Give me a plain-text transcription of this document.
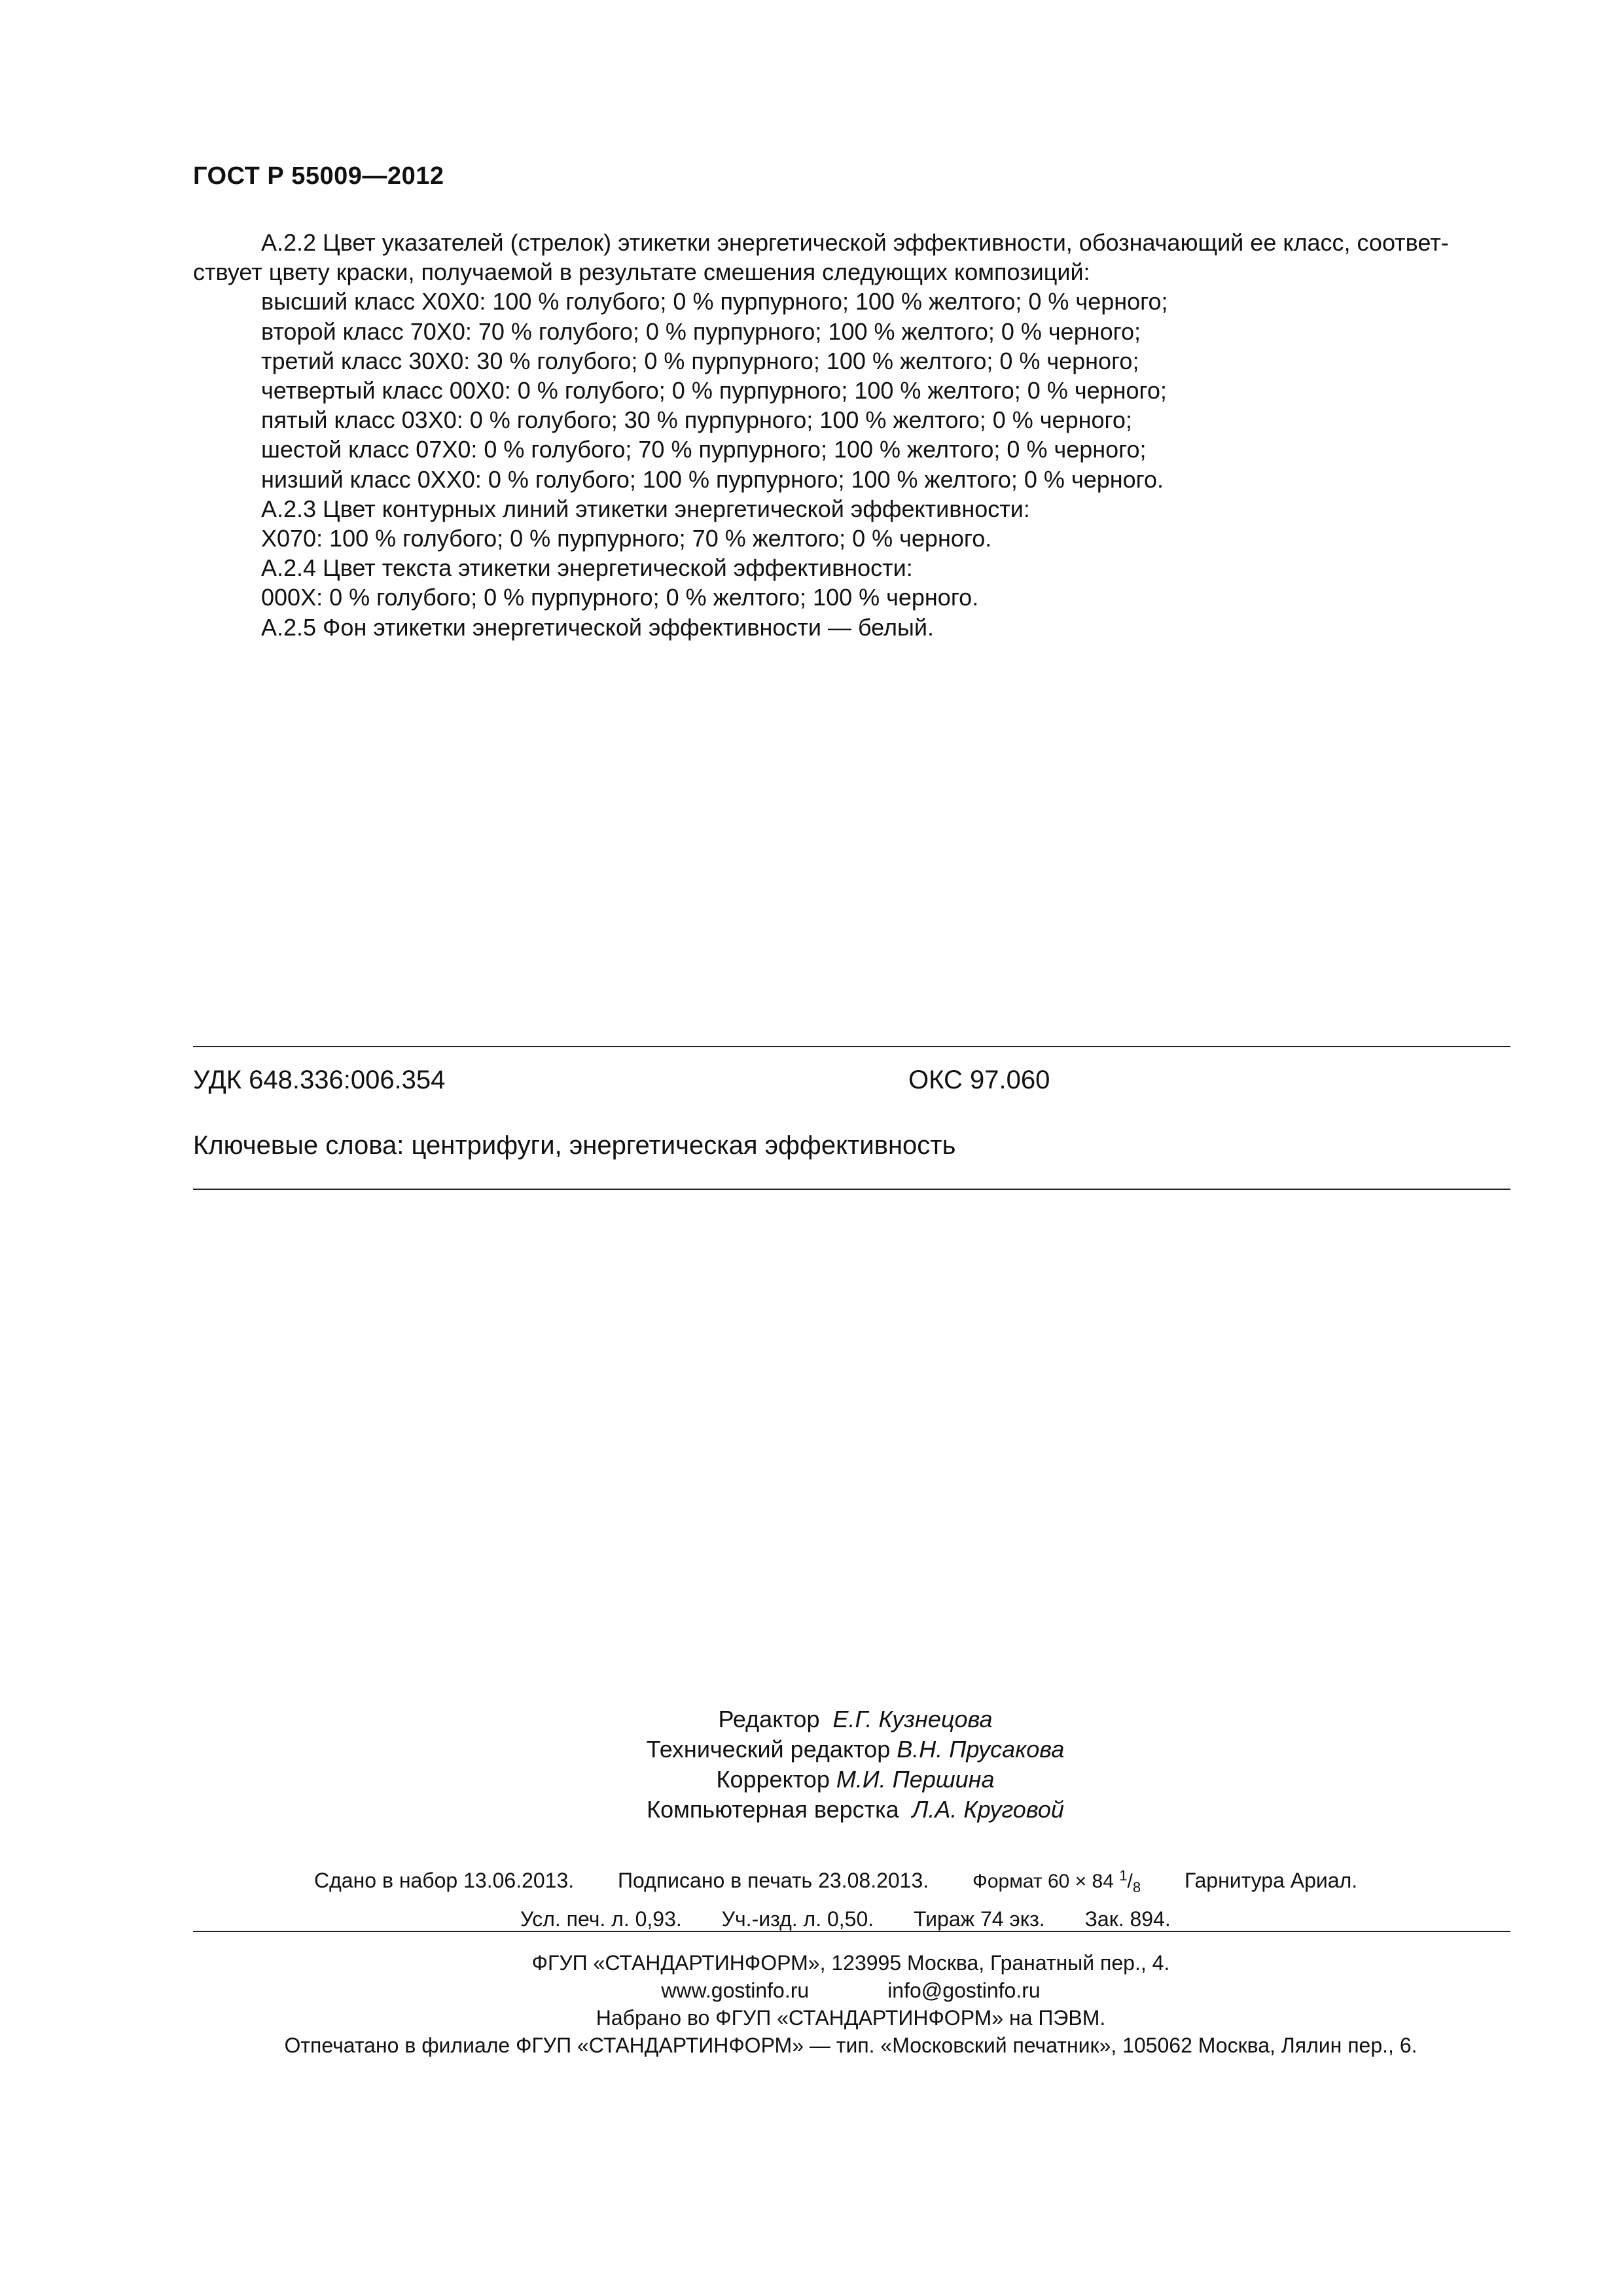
ГОСТ Р 55009—2012

А.2.2 Цвет указателей (стрелок) этикетки энергетической эффективности, обозначающий ее класс, соответ-ствует цвету краски, получаемой в результате смешения следующих композиций:

высший класс Х0Х0: 100 % голубого; 0 % пурпурного; 100 % желтого; 0 % черного;

второй класс 70Х0: 70 % голубого; 0 % пурпурного; 100 % желтого; 0 % черного;

третий класс 30Х0: 30 % голубого; 0 % пурпурного; 100 % желтого; 0 % черного;

четвертый класс 00Х0: 0 % голубого; 0 % пурпурного; 100 % желтого; 0 % черного;

пятый класс 03Х0: 0 % голубого; 30 % пурпурного; 100 % желтого; 0 % черного;

шестой класс 07Х0: 0 % голубого; 70 % пурпурного; 100 % желтого; 0 % черного;

низший класс 0ХХ0: 0 % голубого; 100 % пурпурного; 100 % желтого; 0 % черного.

А.2.3 Цвет контурных линий этикетки энергетической эффективности:

Х070: 100 % голубого; 0 % пурпурного; 70 % желтого; 0 % черного.

А.2.4 Цвет текста этикетки энергетической эффективности:

000Х: 0 % голубого; 0 % пурпурного; 0 % желтого; 100 % черного.

А.2.5 Фон этикетки энергетической эффективности — белый.

УДК 648.336:006.354	ОКС 97.060
Ключевые слова: центрифуги, энергетическая эффективность
Редактор Е.Г. Кузнецова
Технический редактор В.Н. Прусакова
Корректор М.И. Першина
Компьютерная верстка Л.А. Круговой
Сдано в набор 13.06.2013. Подписано в печать 23.08.2013. Формат 60 × 84 $^1/_8$ Гарнитура Ариал.
Усл. печ. л. 0,93. Уч.-изд. л. 0,50. Тираж 74 экз. Зак. 894.
ФГУП «СТАНДАРТИНФОРМ», 123995 Москва, Гранатный пер., 4.
www.gostinfo.ru	info@gostinfo.ru
Набрано во ФГУП «СТАНДАРТИНФОРМ» на ПЭВМ.
Отпечатано в филиале ФГУП «СТАНДАРТИНФОРМ» — тип. «Московский печатник», 105062 Москва, Лялин пер., 6.
